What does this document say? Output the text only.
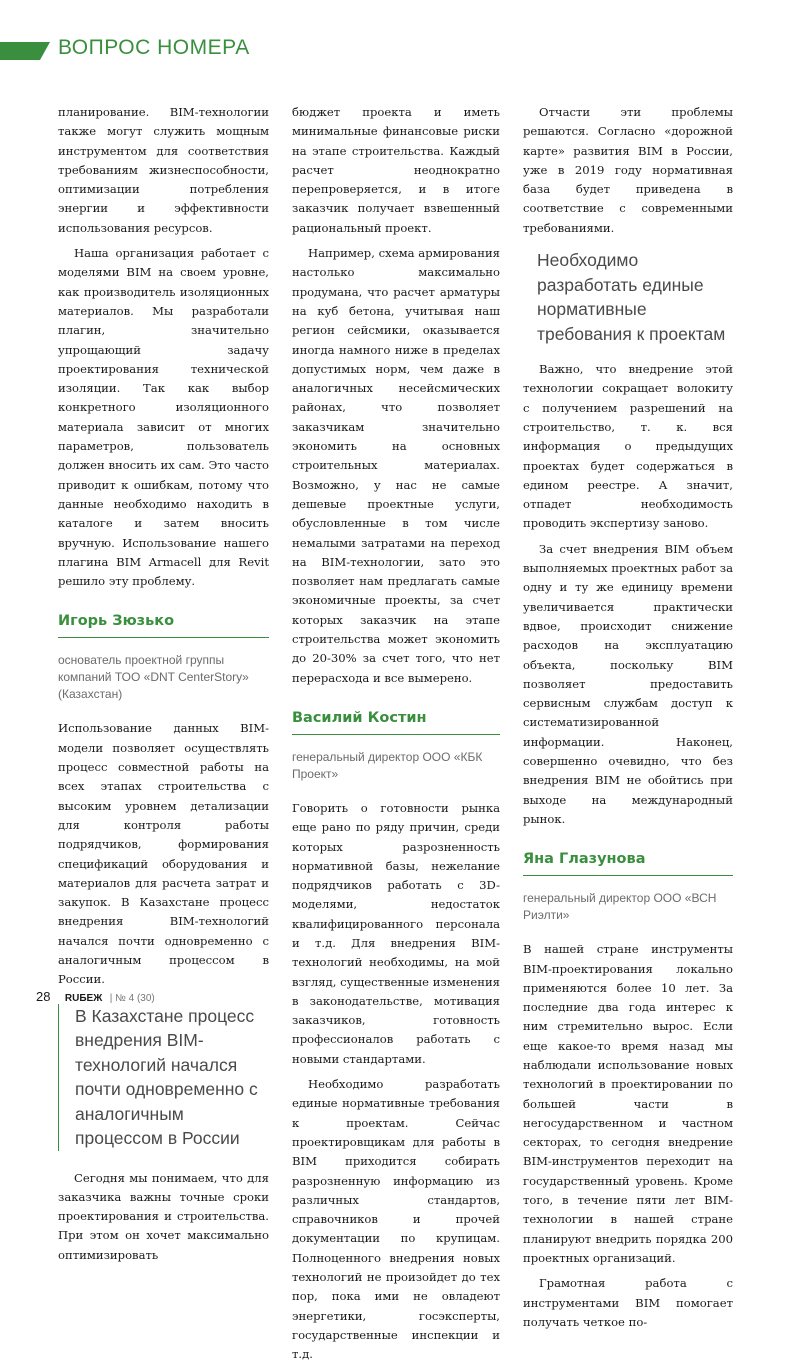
ВОПРОС НОМЕРА

планирование. BIM-технологии также могут служить мощным инструментом для соответствия требованиям жизнеспособности, оптимизации потребления энергии и эффективности использования ресурсов.

Наша организация работает с моделями BIM на своем уровне, как производитель изоляционных материалов. Мы разработали плагин, значительно упрощающий задачу проектирования технической изоляции. Так как выбор конкретного изоляционного материала зависит от многих параметров, пользователь должен вносить их сам. Это часто приводит к ошибкам, потому что данные необходимо находить в каталоге и затем вносить вручную. Использование нашего плагина BIM Armacell для Revit решило эту проблему.

Игорь Зюзько

основатель проектной группы компаний ТОО «DNT CenterStory» (Казахстан)

Использование данных BIM-модели позволяет осуществлять процесс совместной работы на всех этапах строительства с высоким уровнем детализации для контроля работы подрядчиков, формирования спецификаций оборудования и материалов для расчета затрат и закупок. В Казахстане процесс внедрения BIM-технологий начался почти одновременно с аналогичным процессом в России.

В Казахстане процесс внедрения BIM-технологий начался почти одновременно с аналогичным процессом в России

Сегодня мы понимаем, что для заказчика важны точные сроки проектирования и строительства. При этом он хочет максимально оптимизировать

бюджет проекта и иметь минимальные финансовые риски на этапе строительства. Каждый расчет неоднократно перепроверяется, и в итоге заказчик получает взвешенный рациональный проект.

Например, схема армирования настолько максимально продумана, что расчет арматуры на куб бетона, учитывая наш регион сейсмики, оказывается иногда намного ниже в пределах допустимых норм, чем даже в аналогичных несейсмических районах, что позволяет заказчикам значительно экономить на основных строительных материалах. Возможно, у нас не самые дешевые проектные услуги, обусловленные в том числе немалыми затратами на переход на BIM-технологии, зато это позволяет нам предлагать самые экономичные проекты, за счет которых заказчик на этапе строительства может экономить до 20-30% за счет того, что нет перерасхода и все вымерено.

Василий Костин

генеральный директор ООО «КБК Проект»

Говорить о готовности рынка еще рано по ряду причин, среди которых разрозненность нормативной базы, нежелание подрядчиков работать с 3D-моделями, недостаток квалифицированного персонала и т.д. Для внедрения BIM-технологий необходимы, на мой взгляд, существенные изменения в законодательстве, мотивация заказчиков, готовность профессионалов работать с новыми стандартами.

Необходимо разработать единые нормативные требования к проектам. Сейчас проектировщикам для работы в BIM приходится собирать разрозненную информацию из различных стандартов, справочников и прочей документации по крупицам. Полноценного внедрения новых технологий не произойдет до тех пор, пока ими не овладеют энергетики, госэксперты, государственные инспекции и т.д.

Отчасти эти проблемы решаются. Согласно «дорожной карте» развития BIM в России, уже в 2019 году нормативная база будет приведена в соответствие с современными требованиями.

Необходимо разработать единые нормативные требования к проектам

Важно, что внедрение этой технологии сокращает волокиту с получением разрешений на строительство, т. к. вся информация о предыдущих проектах будет содержаться в едином реестре. А значит, отпадет необходимость проводить экспертизу заново.

За счет внедрения BIM объем выполняемых проектных работ за одну и ту же единицу времени увеличивается практически вдвое, происходит снижение расходов на эксплуатацию объекта, поскольку BIM позволяет предоставить сервисным службам доступ к систематизированной информации. Наконец, совершенно очевидно, что без внедрения BIM не обойтись при выходе на международный рынок.

Яна Глазунова

генеральный директор ООО «ВСН Риэлти»

В нашей стране инструменты BIM-проектирования локально применяются более 10 лет. За последние два года интерес к ним стремительно вырос. Если еще какое-то время назад мы наблюдали использование новых технологий в проектировании по большей части в негосударственном и частном секторах, то сегодня внедрение BIM-инструментов переходит на государственный уровень. Кроме того, в течение пяти лет BIM-технологии в нашей стране планируют внедрить порядка 200 проектных организаций.

Грамотная работа с инструментами BIM помогает получать четкое по-

28 RUБЕЖ | № 4 (30)
